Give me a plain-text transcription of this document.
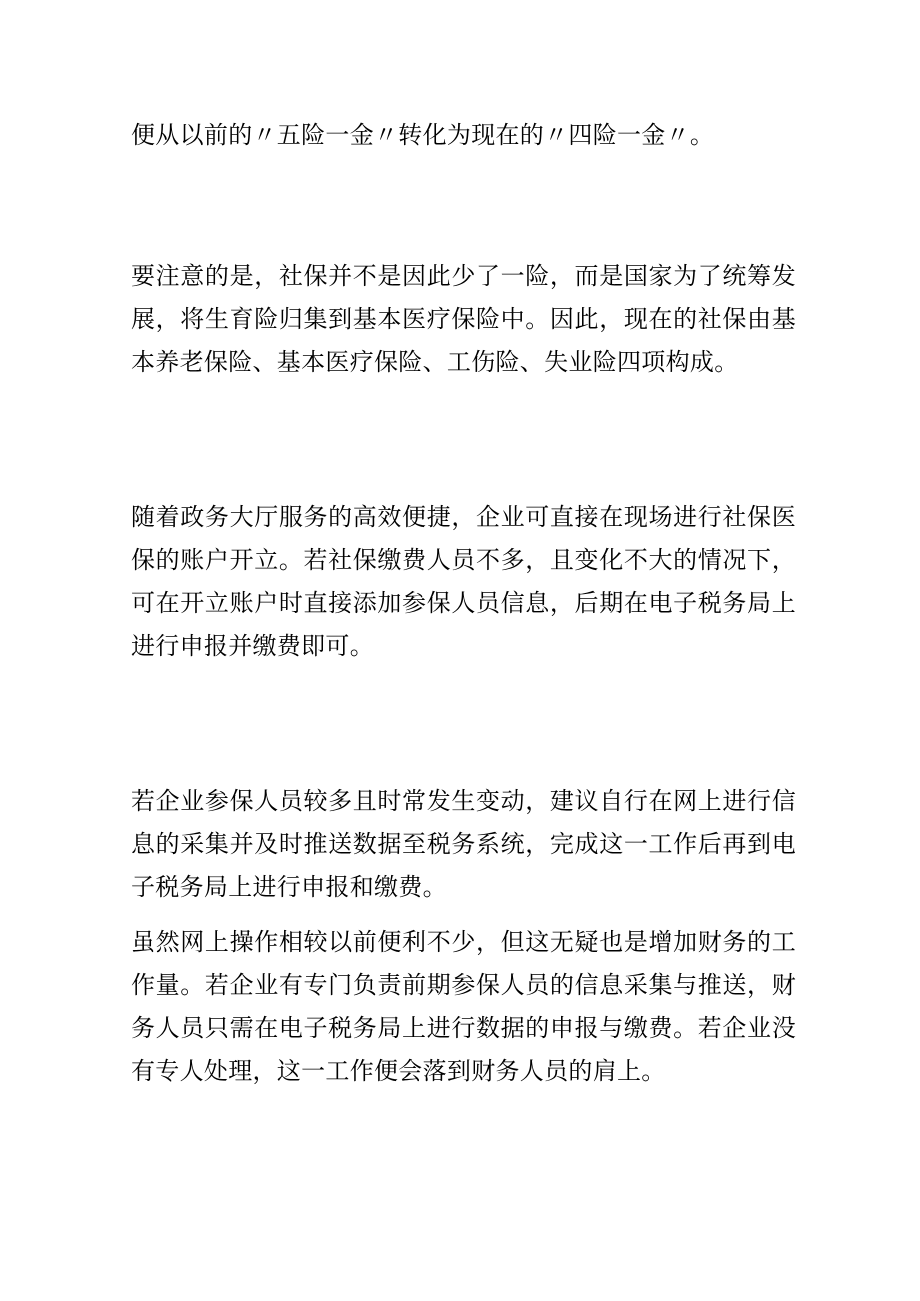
便从以前的〃五险一金〃转化为现在的〃四险一金〃。

要注意的是，社保并不是因此少了一险，而是国家为了统筹发展，将生育险归集到基本医疗保险中。因此，现在的社保由基本养老保险、基本医疗保险、工伤险、失业险四项构成。

随着政务大厅服务的高效便捷，企业可直接在现场进行社保医保的账户开立。若社保缴费人员不多，且变化不大的情况下，可在开立账户时直接添加参保人员信息，后期在电子税务局上进行申报并缴费即可。

若企业参保人员较多且时常发生变动，建议自行在网上进行信息的采集并及时推送数据至税务系统，完成这一工作后再到电子税务局上进行申报和缴费。

虽然网上操作相较以前便利不少，但这无疑也是增加财务的工作量。若企业有专门负责前期参保人员的信息采集与推送，财务人员只需在电子税务局上进行数据的申报与缴费。若企业没有专人处理，这一工作便会落到财务人员的肩上。
